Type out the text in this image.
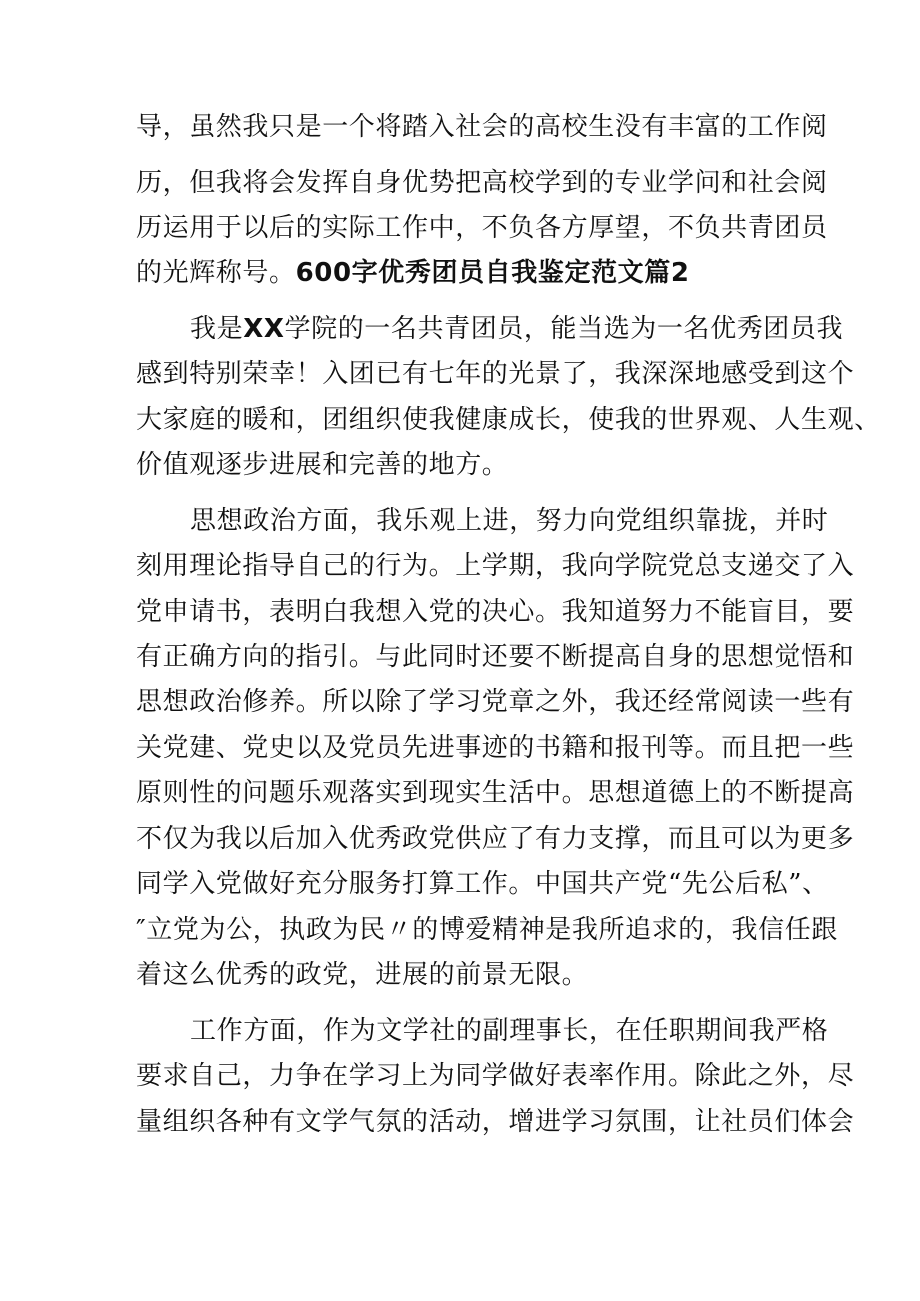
导，虽然我只是一个将踏入社会的高校生没有丰富的工作阅
历，但我将会发挥自身优势把高校学到的专业学问和社会阅
历运用于以后的实际工作中，不负各方厚望，不负共青团员
的光辉称号。600字优秀团员自我鉴定范文篇2
我是XX学院的一名共青团员，能当选为一名优秀团员我
感到特别荣幸！入团已有七年的光景了，我深深地感受到这个
大家庭的暖和，团组织使我健康成长，使我的世界观、人生观、
价值观逐步进展和完善的地方。
思想政治方面，我乐观上进，努力向党组织靠拢，并时
刻用理论指导自己的行为。上学期，我向学院党总支递交了入
党申请书，表明白我想入党的决心。我知道努力不能盲目，要
有正确方向的指引。与此同时还要不断提高自身的思想觉悟和
思想政治修养。所以除了学习党章之外，我还经常阅读一些有
关党建、党史以及党员先进事迹的书籍和报刊等。而且把一些
原则性的问题乐观落实到现实生活中。思想道德上的不断提高
不仅为我以后加入优秀政党供应了有力支撑，而且可以为更多
同学入党做好充分服务打算工作。中国共产党“先公后私”、
″立党为公，执政为民〃的博爱精神是我所追求的，我信任跟
着这么优秀的政党，进展的前景无限。
工作方面，作为文学社的副理事长，在任职期间我严格
要求自己，力争在学习上为同学做好表率作用。除此之外，尽
量组织各种有文学气氛的活动，增进学习氛围，让社员们体会
